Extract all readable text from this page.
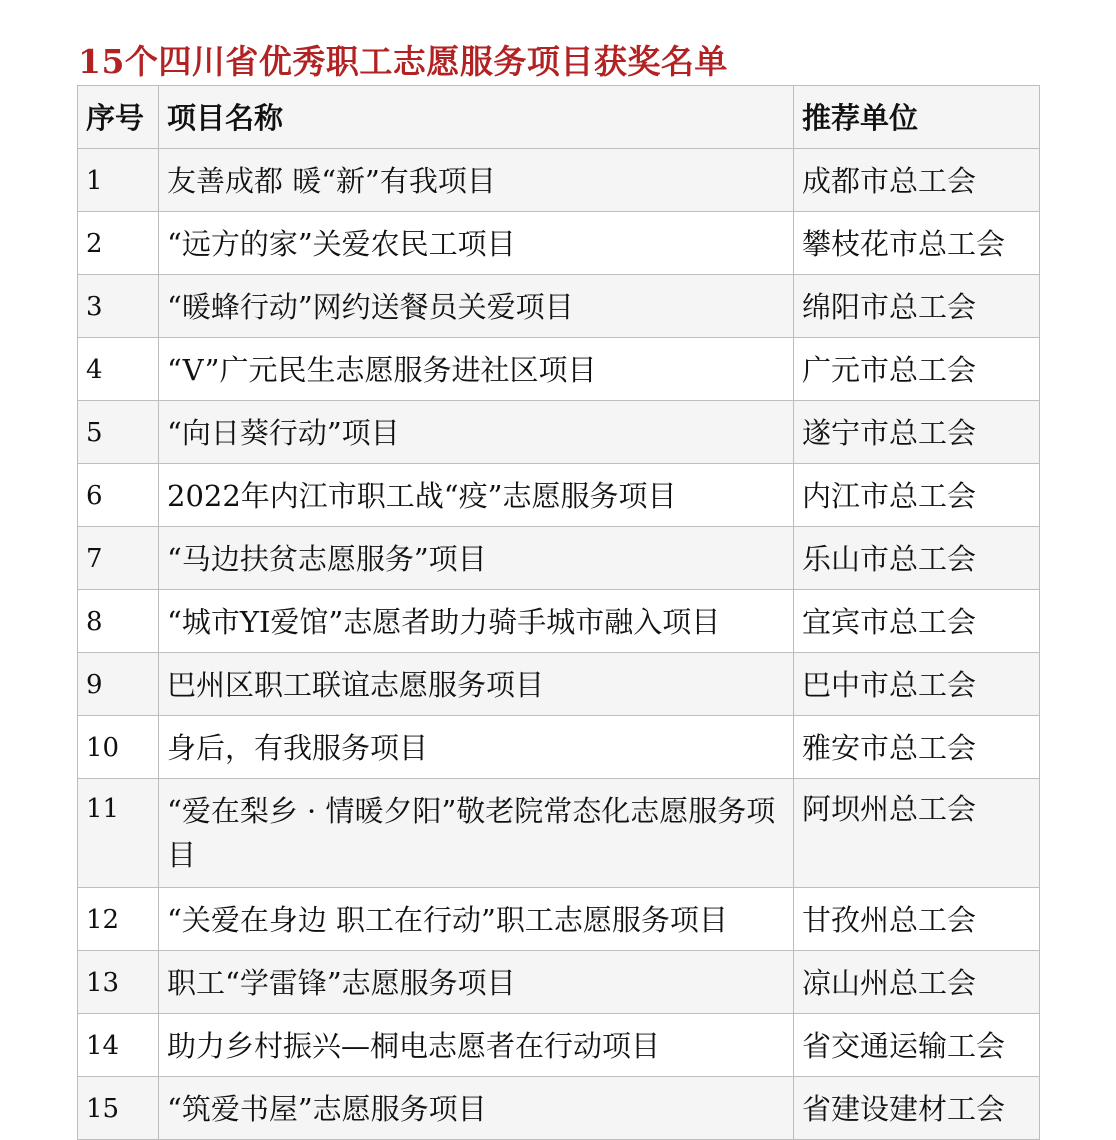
15个四川省优秀职工志愿服务项目获奖名单
序号	项目名称	推荐单位
1	友善成都 暖“新”有我项目	成都市总工会
2	“远方的家”关爱农民工项目	攀枝花市总工会
3	“暖蜂行动”网约送餐员关爱项目	绵阳市总工会
4	“V”广元民生志愿服务进社区项目	广元市总工会
5	“向日葵行动”项目	遂宁市总工会
6	2022年内江市职工战“疫”志愿服务项目	内江市总工会
7	“马边扶贫志愿服务”项目	乐山市总工会
8	“城市YI爱馆”志愿者助力骑手城市融入项目	宜宾市总工会
9	巴州区职工联谊志愿服务项目	巴中市总工会
10	身后，有我服务项目	雅安市总工会
11	“爱在梨乡 · 情暖夕阳”敬老院常态化志愿服务项目	阿坝州总工会
12	“关爱在身边 职工在行动”职工志愿服务项目	甘孜州总工会
13	职工“学雷锋”志愿服务项目	凉山州总工会
14	助力乡村振兴—桐电志愿者在行动项目	省交通运输工会
15	“筑爱书屋”志愿服务项目	省建设建材工会
